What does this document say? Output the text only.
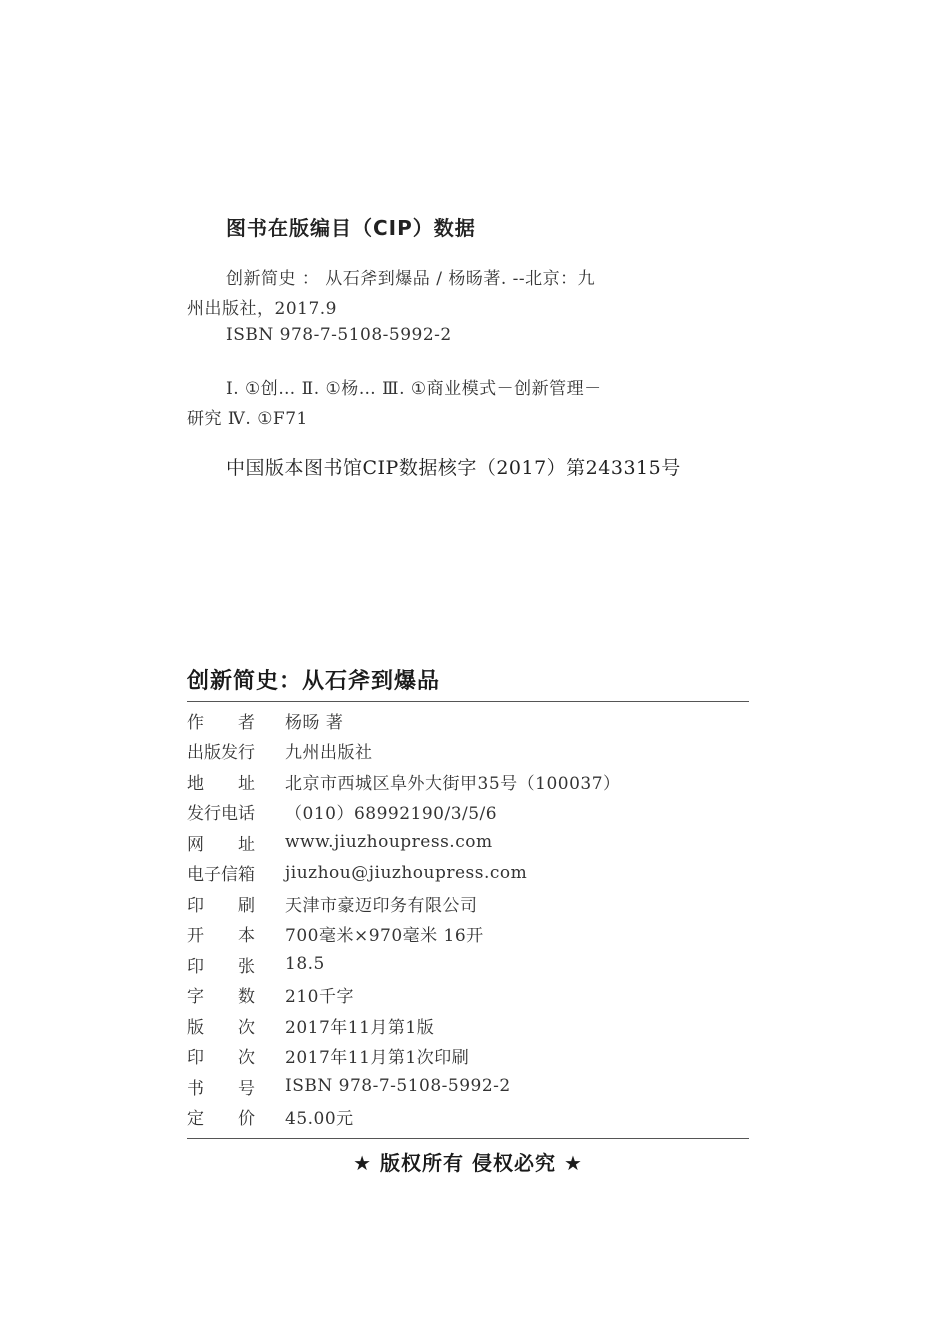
图书在版编目（CIP）数据
创新简史 ： 从石斧到爆品 / 杨旸著. --北京：九
州出版社，2017.9
ISBN 978-7-5108-5992-2
Ⅰ. ①创… Ⅱ. ①杨… Ⅲ. ①商业模式－创新管理－
研究 Ⅳ. ①F71
中国版本图书馆CIP数据核字（2017）第243315号
创新简史：从石斧到爆品
作　　者	杨旸 著
出版发行	九州出版社
地　　址	北京市西城区阜外大街甲35号（100037）
发行电话	（010）68992190/3/5/6
网　　址	www.jiuzhoupress.com
电子信箱	jiuzhou@jiuzhoupress.com
印　　刷	天津市豪迈印务有限公司
开　　本	700毫米×970毫米 16开
印　　张	18.5
字　　数	210千字
版　　次	2017年11月第1版
印　　次	2017年11月第1次印刷
书　　号	ISBN 978-7-5108-5992-2
定　　价	45.00元
★ 版权所有 侵权必究 ★
